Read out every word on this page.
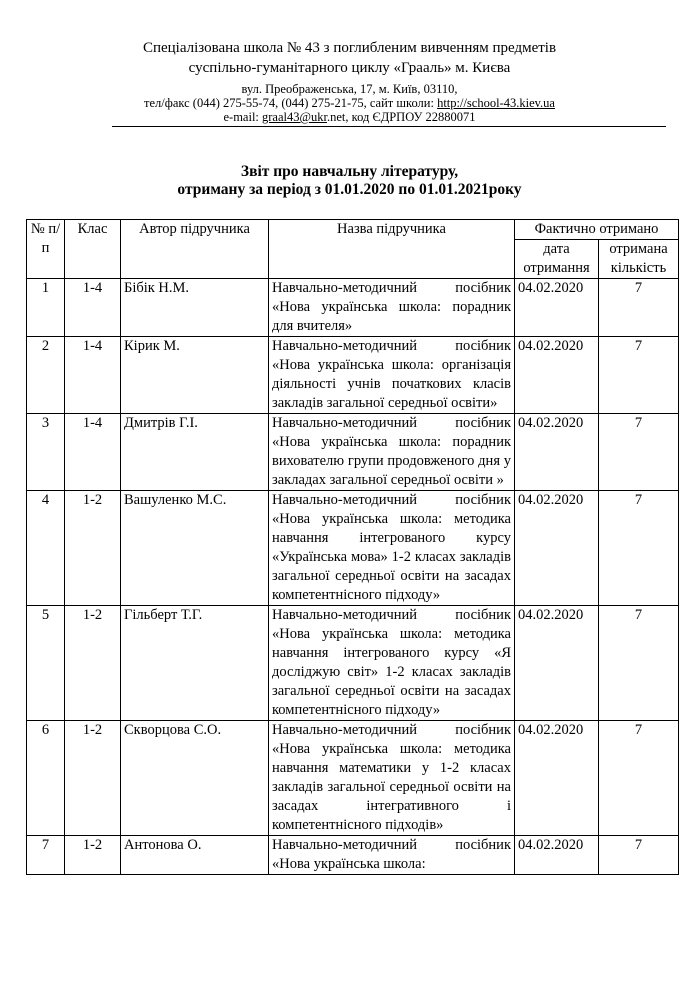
Спеціалізована школа № 43 з поглибленим вивченням предметів
суспільно-гуманітарного циклу «Грааль» м. Києва
вул. Преображенська, 17, м. Київ, 03110,
тел/факс (044) 275-55-74, (044) 275-21-75, сайт школи: http://school-43.kiev.ua
e-mail: graal43@ukr.net, код ЄДРПОУ 22880071
Звіт про навчальну літературу,
отриману за період з 01.01.2020 по 01.01.2021року
№ п/п	Клас	Автор підручника	Назва підручника	Фактично отримано	
				дата отримання	отримана кількість
1	1-4	Бібік Н.М.	Навчально-методичний посібник «Нова українська школа: порадник для вчителя»	04.02.2020	7
2	1-4	Кірик М.	Навчально-методичний посібник «Нова українська школа: організація діяльності учнів початкових класів закладів загальної середньої освіти»	04.02.2020	7
3	1-4	Дмитрів Г.І.	Навчально-методичний посібник «Нова українська школа: порадник вихователю групи продовженого дня у закладах загальної середньої освіти »	04.02.2020	7
4	1-2	Вашуленко М.С.	Навчально-методичний посібник «Нова українська школа: методика навчання інтегрованого курсу «Українська мова» 1-2 класах закладів загальної середньої освіти на засадах компетентнісного підходу»	04.02.2020	7
5	1-2	Гільберт Т.Г.	Навчально-методичний посібник «Нова українська школа: методика навчання інтегрованого курсу «Я досліджую світ» 1-2 класах закладів загальної середньої освіти на засадах компетентнісного підходу»	04.02.2020	7
6	1-2	Скворцова С.О.	Навчально-методичний посібник «Нова українська школа: методика навчання математики у 1-2 класах закладів загальної середньої освіти на засадах інтегративного і компетентнісного підходів»	04.02.2020	7
7	1-2	Антонова О.	Навчально-методичний посібник «Нова українська школа:	04.02.2020	7
